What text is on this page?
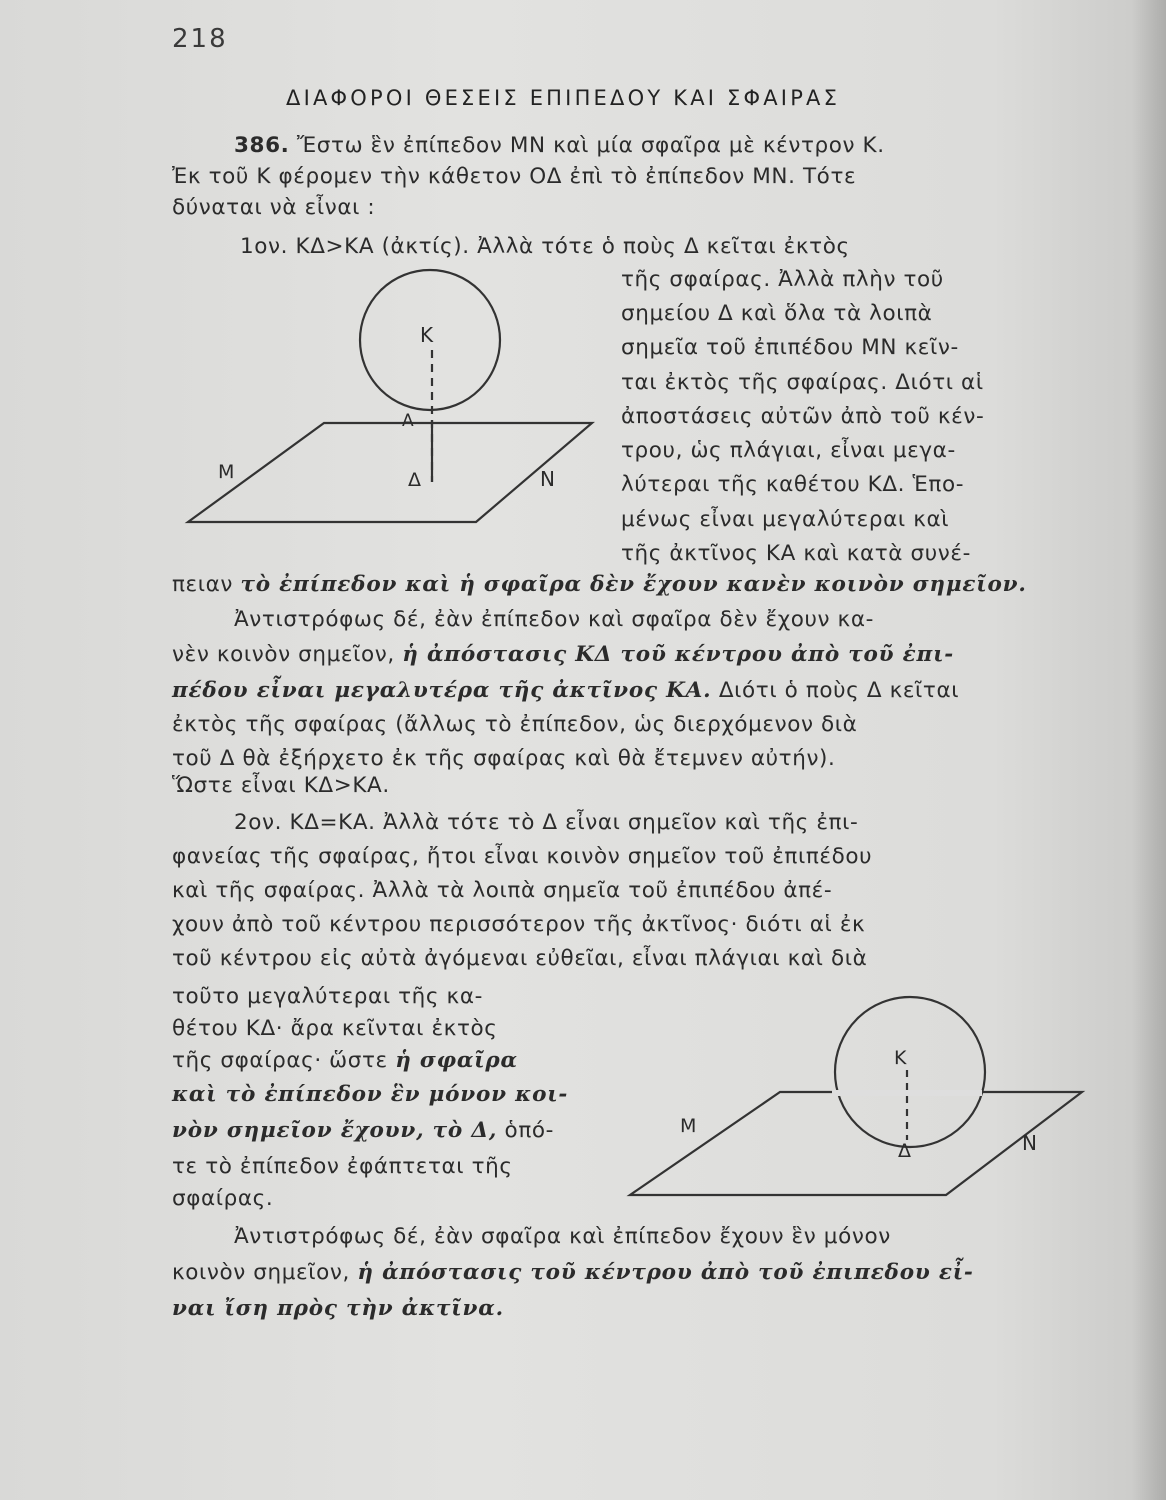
218
ΔΙΑΦΟΡΟΙ ΘΕΣΕΙΣ ΕΠΙΠΕΔΟΥ ΚΑΙ ΣΦΑΙΡΑΣ
386. Ἔστω ἓν ἐπίπεδον ΜΝ καὶ μία σφαῖρα μὲ κέντρον Κ.
Ἐκ τοῦ Κ φέρομεν τὴν κάθετον ΟΔ ἐπὶ τὸ ἐπίπεδον ΜΝ. Τότε
δύναται νὰ εἶναι :
1ον. ΚΔ>ΚΑ (ἀκτίς). Ἀλλὰ τότε ὁ ποὺς Δ κεῖται ἐκτὸς
τῆς σφαίρας. Ἀλλὰ πλὴν τοῦ
σημείου Δ καὶ ὅλα τὰ λοιπὰ
σημεῖα τοῦ ἐπιπέδου ΜΝ κεῖν-
ται ἐκτὸς τῆς σφαίρας. Διότι αἱ
ἀποστάσεις αὐτῶν ἀπὸ τοῦ κέν-
τρου, ὡς πλάγιαι, εἶναι μεγα-
λύτεραι τῆς καθέτου ΚΔ. Ἑπο-
μένως εἶναι μεγαλύτεραι καὶ
τῆς ἀκτῖνος ΚΑ καὶ κατὰ συνέ-
πειαν τὸ ἐπίπεδον καὶ ἡ σφαῖρα δὲν ἔχουν κανὲν κοινὸν σημεῖον.
Ἀντιστρόφως δέ, ἐὰν ἐπίπεδον καὶ σφαῖρα δὲν ἔχουν κα-
νὲν κοινὸν σημεῖον, ἡ ἀπόστασις ΚΔ τοῦ κέντρου ἀπὸ τοῦ ἐπι-
πέδου εἶναι μεγαλυτέρα τῆς ἀκτῖνος ΚΑ. Διότι ὁ ποὺς Δ κεῖται
ἐκτὸς τῆς σφαίρας (ἄλλως τὸ ἐπίπεδον, ὡς διερχόμενον διὰ
τοῦ Δ θὰ ἐξήρχετο ἐκ τῆς σφαίρας καὶ θὰ ἔτεμνεν αὐτήν).
Ὥστε εἶναι ΚΔ>ΚΑ.
2ον. ΚΔ=ΚΑ. Ἀλλὰ τότε τὸ Δ εἶναι σημεῖον καὶ τῆς ἐπι-
φανείας τῆς σφαίρας, ἤτοι εἶναι κοινὸν σημεῖον τοῦ ἐπιπέδου
καὶ τῆς σφαίρας. Ἀλλὰ τὰ λοιπὰ σημεῖα τοῦ ἐπιπέδου ἀπέ-
χουν ἀπὸ τοῦ κέντρου περισσότερον τῆς ἀκτῖνος· διότι αἱ ἐκ
τοῦ κέντρου εἰς αὐτὰ ἀγόμεναι εὐθεῖαι, εἶναι πλάγιαι καὶ διὰ
τοῦτο μεγαλύτεραι τῆς κα-
θέτου ΚΔ· ἄρα κεῖνται ἐκτὸς
τῆς σφαίρας· ὥστε ἡ σφαῖρα
καὶ τὸ ἐπίπεδον ἓν μόνον κοι-
νὸν σημεῖον ἔχουν, τὸ Δ, ὁπό-
τε τὸ ἐπίπεδον ἐφάπτεται τῆς
σφαίρας.
Ἀντιστρόφως δέ, ἐὰν σφαῖρα καὶ ἐπίπεδον ἔχουν ἓν μόνον
κοινὸν σημεῖον, ἡ ἀπόστασις τοῦ κέντρου ἀπὸ τοῦ ἐπιπεδου εἶ-
ναι ἴση πρὸς τὴν ἀκτῖνα.
Κ
Α
Δ
Μ	Ν
Κ
Δ
Μ
Ν
